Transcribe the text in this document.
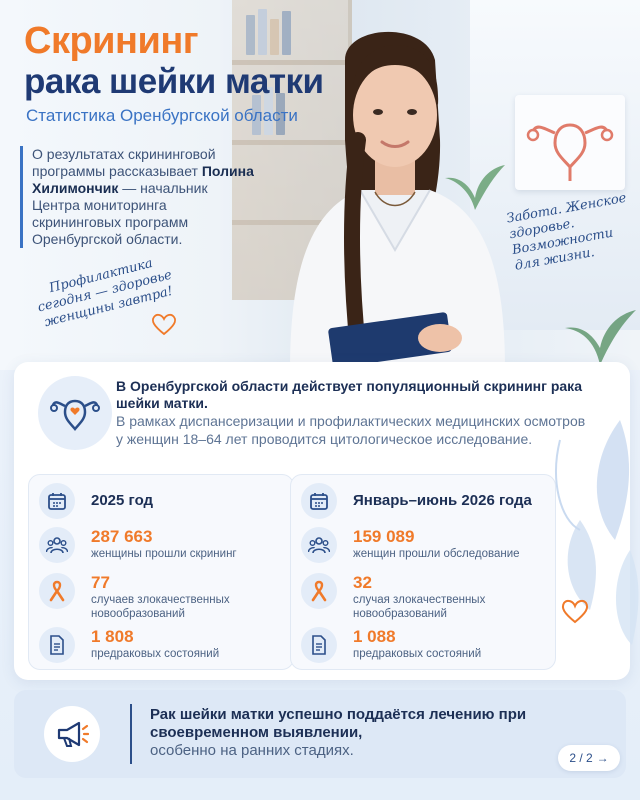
Скрининг
рака шейки матки
Статистика Оренбургской области
О результатах скрининговой программы рассказывает Полина Хилимончик — начальник Центра мониторинга скрининговых программ Оренбургской области.
Профилактика сегодня — здоровье женщины завтра!
Забота. Женское здоровье. Возможности для жизни.
В Оренбургской области действует популяционный скрининг рака шейки матки.
В рамках диспансеризации и профилактических медицинских осмотров у женщин 18–64 лет проводится цитологическое исследование.
2025 год
287 663
женщины прошли скрининг
77
случаев злокачественных новообразований
1 808
предраковых состояний
Январь–июнь 2026 года
159 089
женщин прошли обследование
32
случая злокачественных новообразований
1 088
предраковых состояний
Рак шейки матки успешно поддаётся лечению при своевременном выявлении,
особенно на ранних стадиях.	2 / 2 →
